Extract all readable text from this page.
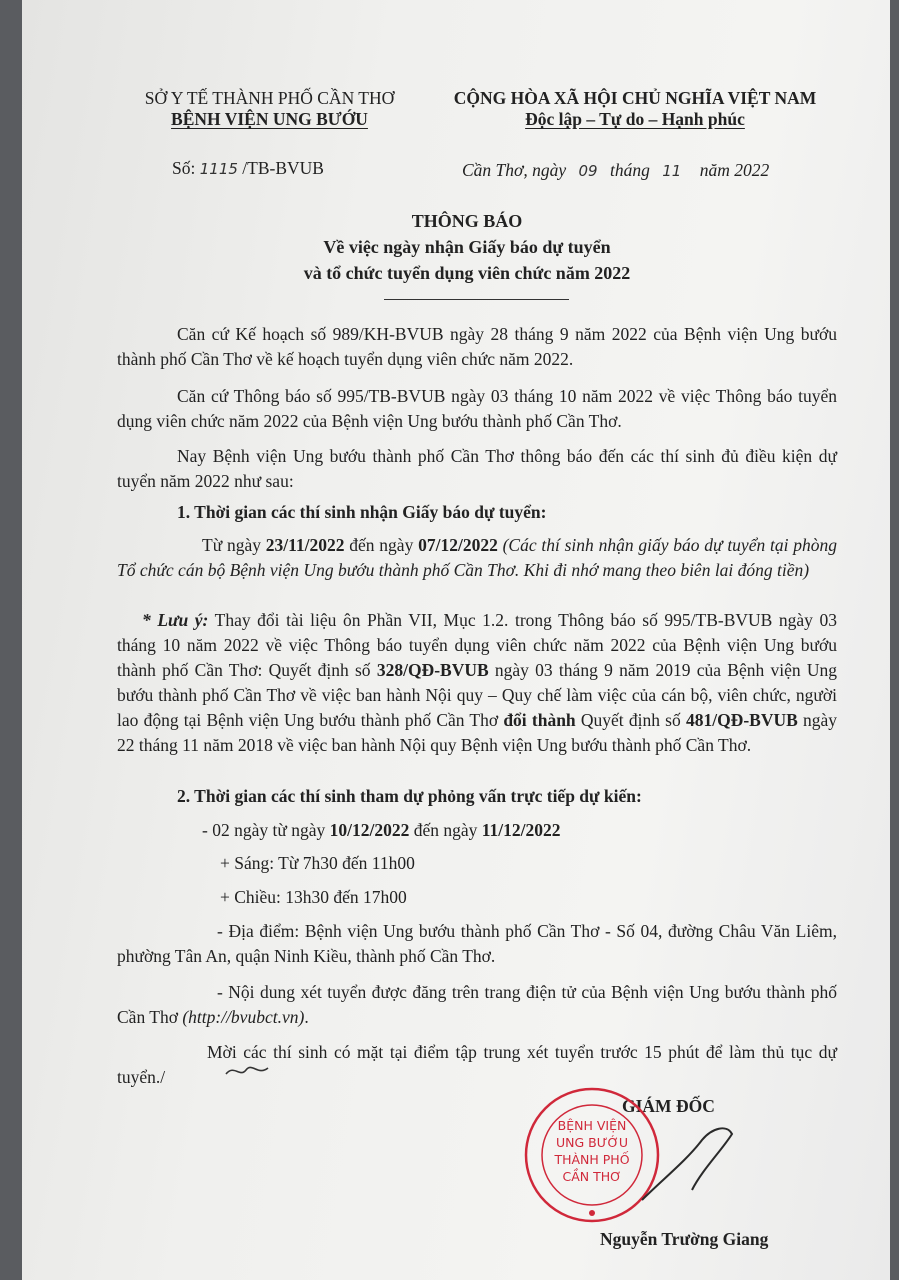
SỞ Y TẾ THÀNH PHỐ CẦN THƠ
BỆNH VIỆN UNG BƯỚU
CỘNG HÒA XÃ HỘI CHỦ NGHĨA VIỆT NAM
Độc lập – Tự do – Hạnh phúc
Số: 1115 /TB-BVUB	Cần Thơ, ngày 09 tháng 11 năm 2022
THÔNG BÁO
Về việc ngày nhận Giấy báo dự tuyển
và tổ chức tuyển dụng viên chức năm 2022
Căn cứ Kế hoạch số 989/KH-BVUB ngày 28 tháng 9 năm 2022 của Bệnh viện Ung bướu thành phố Cần Thơ về kế hoạch tuyển dụng viên chức năm 2022.
Căn cứ Thông báo số 995/TB-BVUB ngày 03 tháng 10 năm 2022 về việc Thông báo tuyển dụng viên chức năm 2022 của Bệnh viện Ung bướu thành phố Cần Thơ.
Nay Bệnh viện Ung bướu thành phố Cần Thơ thông báo đến các thí sinh đủ điều kiện dự tuyển năm 2022 như sau:
1. Thời gian các thí sinh nhận Giấy báo dự tuyển:
Từ ngày 23/11/2022 đến ngày 07/12/2022 (Các thí sinh nhận giấy báo dự tuyển tại phòng Tổ chức cán bộ Bệnh viện Ung bướu thành phố Cần Thơ. Khi đi nhớ mang theo biên lai đóng tiền)
* Lưu ý: Thay đổi tài liệu ôn Phần VII, Mục 1.2. trong Thông báo số 995/TB-BVUB ngày 03 tháng 10 năm 2022 về việc Thông báo tuyển dụng viên chức năm 2022 của Bệnh viện Ung bướu thành phố Cần Thơ: Quyết định số 328/QĐ-BVUB ngày 03 tháng 9 năm 2019 của Bệnh viện Ung bướu thành phố Cần Thơ về việc ban hành Nội quy – Quy chế làm việc của cán bộ, viên chức, người lao động tại Bệnh viện Ung bướu thành phố Cần Thơ đổi thành Quyết định số 481/QĐ-BVUB ngày 22 tháng 11 năm 2018 về việc ban hành Nội quy Bệnh viện Ung bướu thành phố Cần Thơ.
2. Thời gian các thí sinh tham dự phỏng vấn trực tiếp dự kiến:
- 02 ngày từ ngày 10/12/2022 đến ngày 11/12/2022
+ Sáng: Từ 7h30 đến 11h00
+ Chiều: 13h30 đến 17h00
- Địa điểm: Bệnh viện Ung bướu thành phố Cần Thơ - Số 04, đường Châu Văn Liêm, phường Tân An, quận Ninh Kiều, thành phố Cần Thơ.
- Nội dung xét tuyển được đăng trên trang điện tử của Bệnh viện Ung bướu thành phố Cần Thơ (http://bvubct.vn).
Mời các thí sinh có mặt tại điểm tập trung xét tuyển trước 15 phút để làm thủ tục dự tuyển./
GIÁM ĐỐC
BỆNH VIỆN
UNG BƯỚU
THÀNH PHỐ
CẦN THƠ
Nguyễn Trường Giang
